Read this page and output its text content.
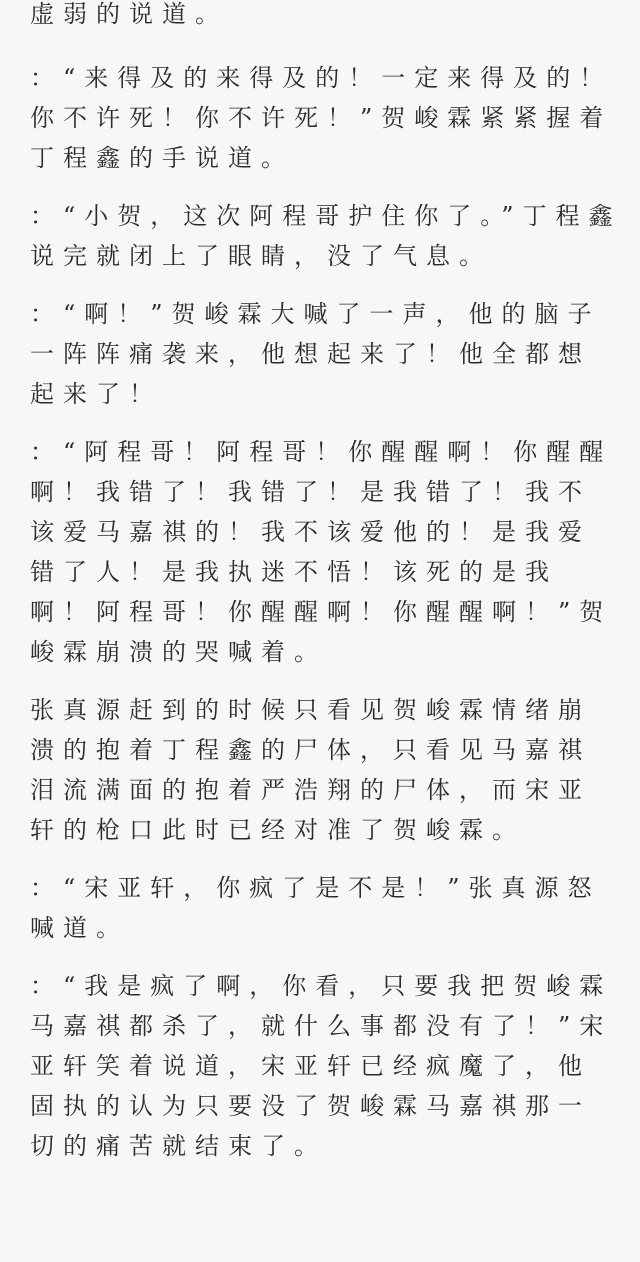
虚弱的说道。

：“来得及的来得及的！一定来得及的！你不许死！你不许死！”贺峻霖紧紧握着丁程鑫的手说道。

：“小贺，这次阿程哥护住你了。”丁程鑫说完就闭上了眼睛，没了气息。

：“啊！”贺峻霖大喊了一声，他的脑子一阵阵痛袭来，他想起来了！他全都想起来了！

：“阿程哥！阿程哥！你醒醒啊！你醒醒啊！我错了！我错了！是我错了！我不该爱马嘉祺的！我不该爱他的！是我爱错了人！是我执迷不悟！该死的是我啊！阿程哥！你醒醒啊！你醒醒啊！”贺峻霖崩溃的哭喊着。

张真源赶到的时候只看见贺峻霖情绪崩溃的抱着丁程鑫的尸体，只看见马嘉祺泪流满面的抱着严浩翔的尸体，而宋亚轩的枪口此时已经对准了贺峻霖。

：“宋亚轩，你疯了是不是！”张真源怒喊道。

：“我是疯了啊，你看，只要我把贺峻霖马嘉祺都杀了，就什么事都没有了！”宋亚轩笑着说道，宋亚轩已经疯魔了，他固执的认为只要没了贺峻霖马嘉祺那一切的痛苦就结束了。
